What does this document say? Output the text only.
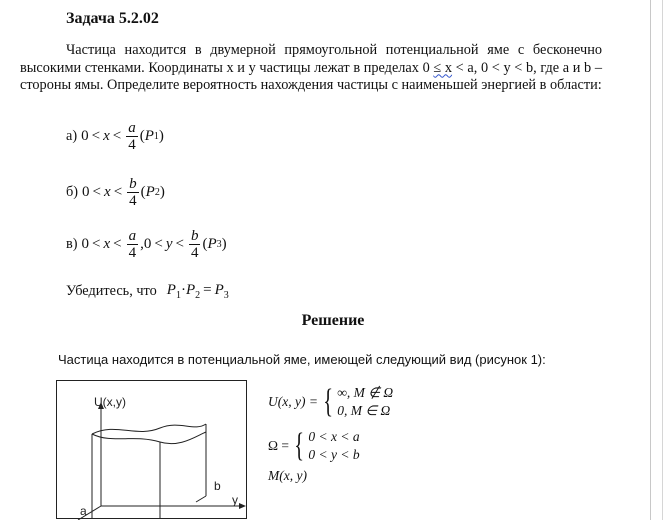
Задача 5.2.02
Частица находится в двумерной прямоугольной потенциальной яме с бесконечно высокими стенками. Координаты x и y частицы лежат в пределах 0 ≤ x < a, 0 < y < b, где a и b – стороны ямы. Определите вероятность нахождения частицы с наименьшей энергией в области:
а) $0 < x < \frac{a}{4}$ ( P 1 )
б) $0 < x < \frac{b}{4}$ ( P 2 )
в) $0 < x < \frac{a}{4} ,0 < y < \frac{b}{4}$ ( P 3 )
Убедитесь, что $P_1\cdot P_2 = P_3$
Решение
Частица находится в потенциальной яме, имеющей следующий вид (рисунок 1):
U(x,y)
b
y
a
U(x, y) = { ∞, M ∉ Ω
0, M ∈ Ω
Ω = { 0 < x < a
0 < y < b
M(x, y)
